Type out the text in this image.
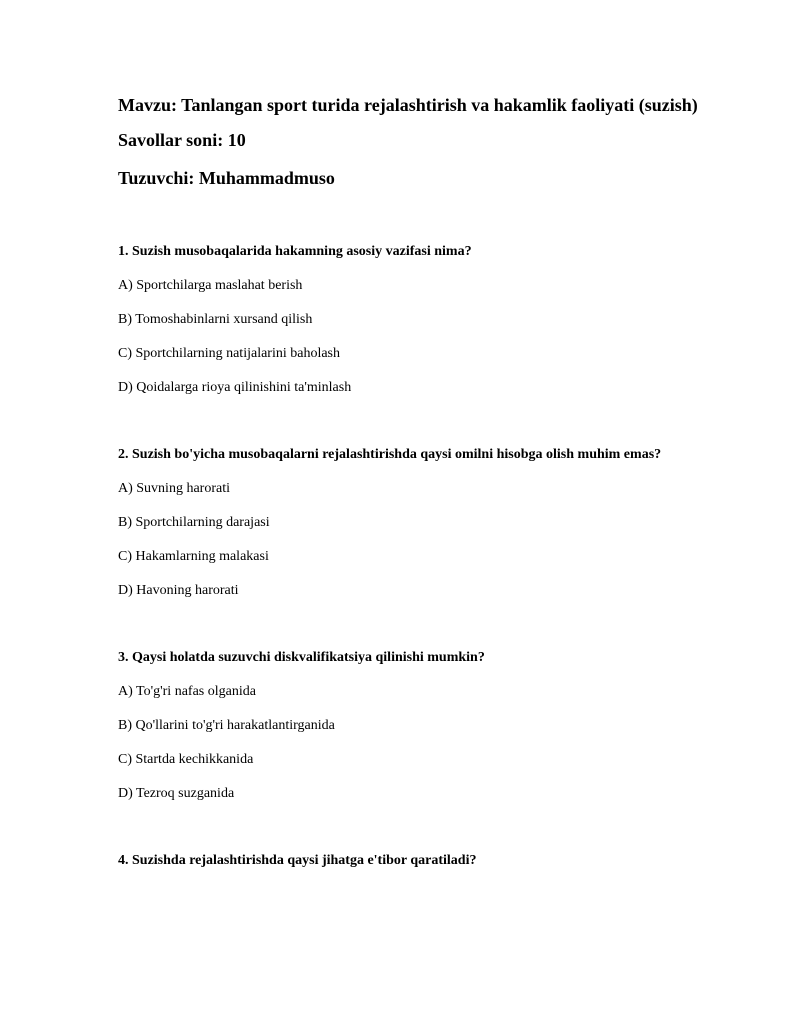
Mavzu: Tanlangan sport turida rejalashtirish va hakamlik faoliyati (suzish)

Savollar soni: 10

Tuzuvchi: Muhammadmuso

1. Suzish musobaqalarida hakamning asosiy vazifasi nima?

A) Sportchilarga maslahat berish

B) Tomoshabinlarni xursand qilish

C) Sportchilarning natijalarini baholash

D) Qoidalarga rioya qilinishini ta'minlash

2. Suzish bo'yicha musobaqalarni rejalashtirishda qaysi omilni hisobga olish muhim emas?

A) Suvning harorati

B) Sportchilarning darajasi

C) Hakamlarning malakasi

D) Havoning harorati

3. Qaysi holatda suzuvchi diskvalifikatsiya qilinishi mumkin?

A) To'g'ri nafas olganida

B) Qo'llarini to'g'ri harakatlantirganida

C) Startda kechikkanida

D) Tezroq suzganida

4. Suzishda rejalashtirishda qaysi jihatga e'tibor qaratiladi?
